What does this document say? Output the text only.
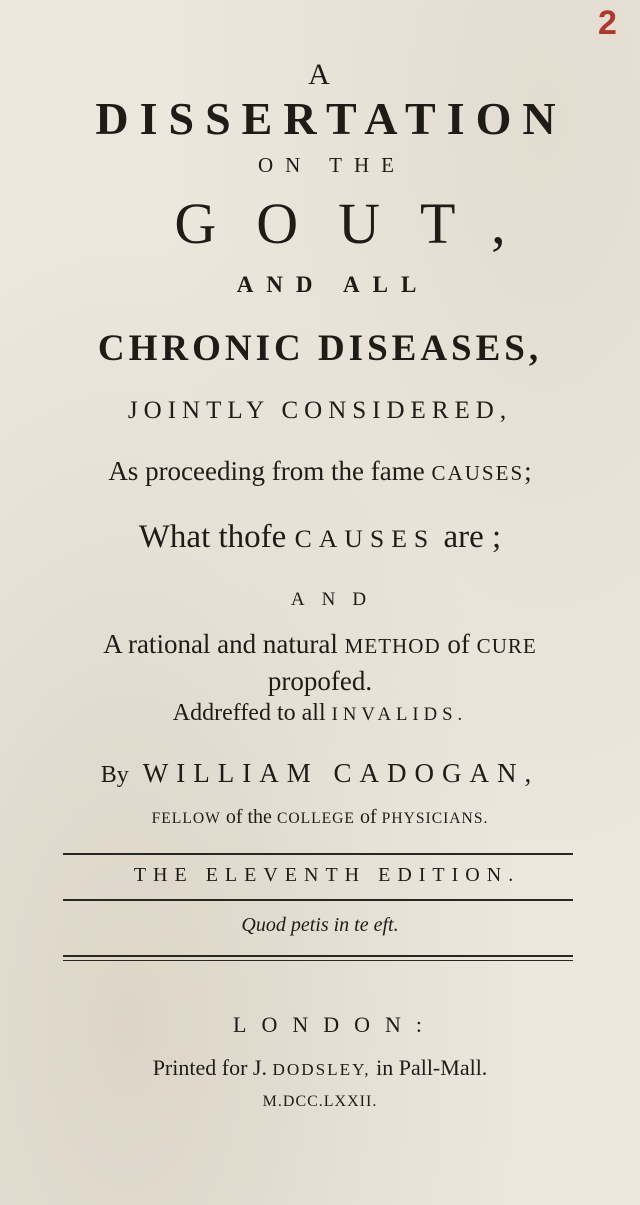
2

A

DISSERTATION

ON THE

GOUT,

AND ALL

CHRONIC DISEASES,

JOINTLY CONSIDERED,

As proceeding from the fame CAUSES;

What thofe CAUSES are ;

AND

A rational and natural METHOD of CURE

propofed.

Addreffed to all INVALIDS.

By WILLIAM CADOGAN,

FELLOW of the COLLEGE of PHYSICIANS.

THE ELEVENTH EDITION.

Quod petis in te eft.

LONDON:

Printed for J. DODSLEY, in Pall-Mall.

M.DCC.LXXII.
